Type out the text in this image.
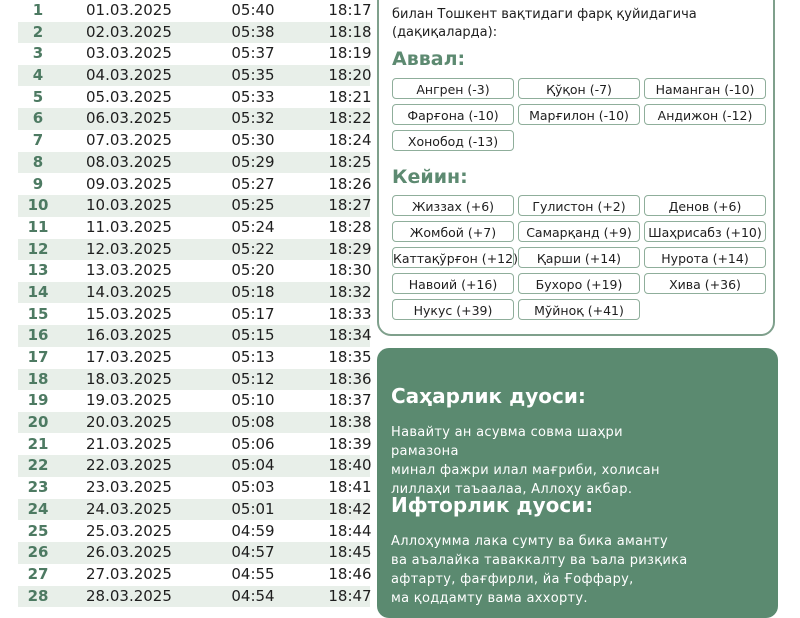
1	01.03.2025	05:40	18:17
2	02.03.2025	05:38	18:18
3	03.03.2025	05:37	18:19
4	04.03.2025	05:35	18:20
5	05.03.2025	05:33	18:21
6	06.03.2025	05:32	18:22
7	07.03.2025	05:30	18:24
8	08.03.2025	05:29	18:25
9	09.03.2025	05:27	18:26
10	10.03.2025	05:25	18:27
11	11.03.2025	05:24	18:28
12	12.03.2025	05:22	18:29
13	13.03.2025	05:20	18:30
14	14.03.2025	05:18	18:32
15	15.03.2025	05:17	18:33
16	16.03.2025	05:15	18:34
17	17.03.2025	05:13	18:35
18	18.03.2025	05:12	18:36
19	19.03.2025	05:10	18:37
20	20.03.2025	05:08	18:38
21	21.03.2025	05:06	18:39
22	22.03.2025	05:04	18:40
23	23.03.2025	05:03	18:41
24	24.03.2025	05:01	18:42
25	25.03.2025	04:59	18:44
26	26.03.2025	04:57	18:45
27	27.03.2025	04:55	18:46
28	28.03.2025	04:54	18:47
билан Тошкент вақтидаги фарқ қуйидагича
(дақиқаларда):
Аввал:
Ангрен (-3)	Қўқон (-7)	Наманган (-10)
Фарғона (-10)	Марғилон (-10)	Андижон (-12)
Хонобод (-13)
Кейин:
Жиззах (+6)	Гулистон (+2)	Денов (+6)
Жомбой (+7)	Самарқанд (+9)	Шаҳрисабз (+10)
Каттақўрғон (+12)	Қарши (+14)	Нурота (+14)
Навоий (+16)	Бухоро (+19)	Хива (+36)
Нукус (+39)	Мўйноқ (+41)
Саҳарлик дуоси:
Навайту ан асувма совма шаҳри рамазона
минал фажри илал мағриби, холисан
лиллаҳи таъаалаа, Аллоҳу акбар.
Ифторлик дуоси:
Аллоҳумма лака сумту ва бика аманту
ва аъалайка таваккалту ва ъала ризқика
афтарту, фағфирли, йа Ғоффару,
ма қоддамту вама аххорту.
